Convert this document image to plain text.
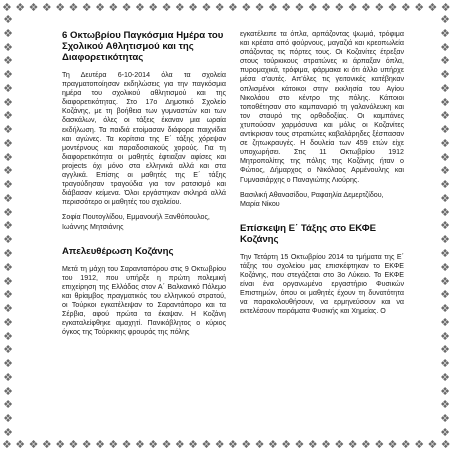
❖ ❖ ❖ ❖ ❖ ❖ ❖ ❖ ❖ ❖ ❖ ❖ ❖ ❖ ❖ ❖ ❖ ❖ ❖ ❖ ❖ ❖ ❖ ❖ ❖ ❖ ❖ ❖ ❖ ❖ ❖ ❖ ❖ ❖
❖ ❖ ❖ ❖ ❖ ❖ ❖ ❖ ❖ ❖ ❖ ❖ ❖ ❖ ❖ ❖ ❖ ❖ ❖ ❖ ❖ ❖ ❖ ❖ ❖ ❖ ❖ ❖ ❖ ❖ ❖ ❖ ❖ ❖
❖
❖
❖
❖
❖
❖
❖
❖
❖
❖
❖
❖
❖
❖
❖
❖
❖
❖
❖
❖
❖
❖
❖
❖
❖
❖
❖
❖
❖
❖
❖
❖
❖
❖
❖
❖
❖
❖
❖
❖
❖
❖
❖
❖
❖
❖
❖
❖
❖
❖
❖
❖
❖
❖
❖
❖
❖
❖
❖
❖
❖
❖
6 Οκτωβρίου Παγκόσμια Ημέρα του Σχολικού Αθλητισμού και της Διαφορετικότητας

Τη Δευτέρα 6-10-2014 όλα τα σχολεία πραγματοποίησαν εκδηλώσεις για την παγκόσμια ημέρα του σχολικού αθλητισμού και της διαφορετικότητας. Στο 17ο Δημοτικό Σχολείο Κοζάνης, με τη βοήθεια των γυμναστών και των δασκάλων, όλες οι τάξεις έκαναν μια ωραία εκδήλωση. Τα παιδιά ετοίμασαν διάφορα παιχνίδια και αγώνες. Τα κορίτσια της Ε΄ τάξης χόρεψαν μοντέρνους και παραδοσιακούς χορούς. Για τη διαφορετικότητα οι μαθητές έφτιαξαν αφίσες και projects όχι μόνο στα ελληνικά αλλά και στα αγγλικά. Επίσης οι μαθητές της Ε΄ τάξης τραγούδησαν τραγούδια για τον ρατσισμό και διάβασαν κείμενα. Όλοι εργάστηκαν σκληρά αλλά περισσότερο οι μαθητές του σχολείου.

Σοφία Πουτογλίδου, Εμμανουήλ Ξανθόπουλος, Ιωάννης Μητσιάνης
Απελευθέρωση Κοζάνης

Μετά τη μάχη του Σαρανταπόρου στις 9 Οκτωβρίου του 1912, που υπήρξε η πρώτη πολεμική επιχείρηση της Ελλάδας στον Α΄ Βαλκανικό Πόλεμο και θρίαμβος πραγματικός του ελληνικού στρατού, οι Τούρκοι εγκατέλειψαν το Σαραντάπορο και τα Σέρβια, αφού πρώτα τα έκαψαν. Η Κοζάνη εγκαταλείφθηκε αμαχητί. Πανικόβλητος ο κύριος όγκος της Τούρκικης φρουράς της πόλης

εγκατέλειπε τα όπλα, αρπάζοντας ψωμιά, τρόφιμα και κρέατα από φούρνους, μαγαζιά και κρεοπωλεία σπάζοντας τις πόρτες τους. Οι Κοζανίτες έτρεξαν στους τούρκικους στρατώνες κι άρπαξαν όπλα, πυρομαχικά, τρόφιμα, φάρμακα κι ότι άλλο υπήρχε μέσα σ'αυτές. Απ'όλες τις γειτονικές κατέβηκαν οπλισμένοι κάτοικοι στην εκκλησία του Αγίου Νικολάου στο κέντρο της πόλης. Κάποιοι τοποθέτησαν στο καμπαναριό τη γαλανόλευκη και τον σταυρό της ορθοδοξίας. Οι καμπάνες χτυπούσαν χαρμόσυνα και μόλις οι Κοζανίτες αντίκρισαν τους στρατιώτες καβαλάρηδες ξέσπασαν σε ζητωκραυγές. Η δουλεία των 459 ετών είχε υποχωρήσει. Στις 11 Οκτωβρίου 1912 Μητροπολίτης της πόλης της Κοζάνης ήταν ο Φώτιος, Δήμαρχος ο Νικόλαος Αρμένουλης και Γυμνασιάρχης ο Παναγιώτης Λιούρης.

Βασιλική Αθανασίδου, Ραφαηλία Δεμερτζίδου, Μαρία Νίκου
Επίσκεψη Ε΄ Τάξης στο ΕΚΦΕ Κοζάνης

Την Τετάρτη 15 Οκτωβρίου 2014 τα τμήματα της Ε΄ τάξης του σχολείου μας επισκέφτηκαν το ΕΚΦΕ Κοζάνης, που στεγάζεται στο 3ο Λύκειο. Το ΕΚΦΕ είναι ένα οργανωμένο εργαστήριο Φυσικών Επιστημών, όπου οι μαθητές έχουν τη δυνατότητα να παρακολουθήσουν, να ερμηνεύσουν και να εκτελέσουν πειράματα Φυσικής και Χημείας. Ο
